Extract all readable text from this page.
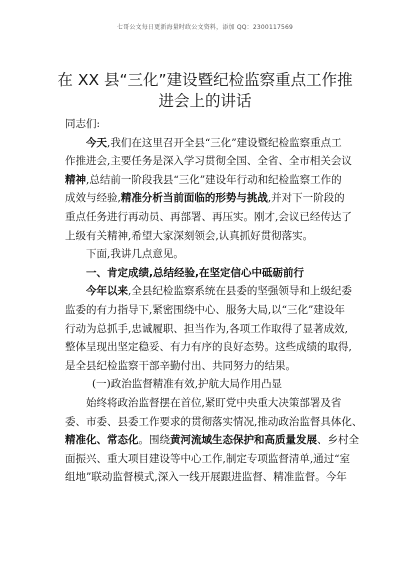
七哥公文每日更新海量时政公文资料，添加 QQ：2300117569
在 XX 县“三化”建设暨纪检监察重点工作推
进会上的讲话

同志们:

今天,我们在这里召开全县“三化”建设暨纪检监察重点工

作推进会,主要任务是深入学习贯彻全国、全省、全市相关会议

精神,总结前一阶段我县“三化”建设年行动和纪检监察工作的

成效与经验,精准分析当前面临的形势与挑战,并对下一阶段的

重点任务进行再动员、再部署、再压实。刚才,会议已经传达了

上级有关精神,希望大家深刻领会,认真抓好贯彻落实。

下面,我讲几点意见。

一、肯定成绩,总结经验,在坚定信心中砥砺前行

今年以来,全县纪检监察系统在县委的坚强领导和上级纪委

监委的有力指导下,紧密围绕中心、服务大局,以“三化”建设年

行动为总抓手,忠诚履职、担当作为,各项工作取得了显著成效,

整体呈现出坚定稳妥、有力有序的良好态势。这些成绩的取得,

是全县纪检监察干部辛勤付出、共同努力的结果。

(一)政治监督精准有效,护航大局作用凸显

始终将政治监督摆在首位,紧盯党中央重大决策部署及省

委、市委、县委工作要求的贯彻落实情况,推动政治监督具体化、

精准化、常态化。围绕黄河流域生态保护和高质量发展、乡村全

面振兴、重大项目建设等中心工作,制定专项监督清单,通过“室

组地”联动监督模式,深入一线开展跟进监督、精准监督。今年
